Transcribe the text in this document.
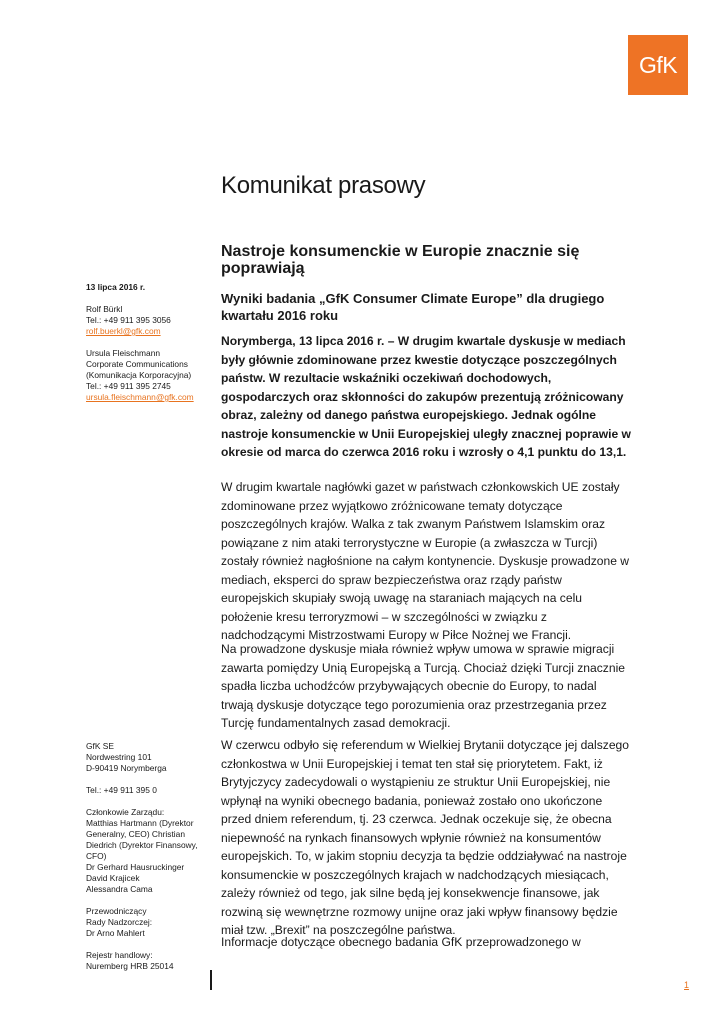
GfK
Komunikat prasowy
13 lipca 2016 r.
Rolf Bürkl
Tel.: +49 911 395 3056
rolf.buerkl@gfk.com
Ursula Fleischmann
Corporate Communications
(Komunikacja Korporacyjna)
Tel.: +49 911 395 2745
ursula.fleischmann@gfk.com
GfK SE
Nordwestring 101
D-90419 Norymberga
Tel.: +49 911 395 0
Członkowie Zarządu:
Matthias Hartmann (Dyrektor Generalny, CEO) Christian Diedrich (Dyrektor Finansowy, CFO)
Dr Gerhard Hausruckinger
David Krajicek
Alessandra Cama
Przewodniczący
Rady Nadzorczej:
Dr Arno Mahlert
Rejestr handlowy:
Nuremberg HRB 25014
Nastroje konsumenckie w Europie znacznie się poprawiają
Wyniki badania „GfK Consumer Climate Europe” dla drugiego kwartału 2016 roku

Norymberga, 13 lipca 2016 r. – W drugim kwartale dyskusje w mediach były głównie zdominowane przez kwestie dotyczące poszczególnych państw. W rezultacie wskaźniki oczekiwań dochodowych, gospodarczych oraz skłonności do zakupów prezentują zróżnicowany obraz, zależny od danego państwa europejskiego. Jednak ogólne nastroje konsumenckie w Unii Europejskiej uległy znacznej poprawie w okresie od marca do czerwca 2016 roku i wzrosły o 4,1 punktu do 13,1.

W drugim kwartale nagłówki gazet w państwach członkowskich UE zostały zdominowane przez wyjątkowo zróżnicowane tematy dotyczące poszczególnych krajów. Walka z tak zwanym Państwem Islamskim oraz powiązane z nim ataki terrorystyczne w Europie (a zwłaszcza w Turcji) zostały również nagłośnione na całym kontynencie. Dyskusje prowadzone w mediach, eksperci do spraw bezpieczeństwa oraz rządy państw europejskich skupiały swoją uwagę na staraniach mających na celu położenie kresu terroryzmowi – w szczególności w związku z nadchodzącymi Mistrzostwami Europy w Piłce Nożnej we Francji.

Na prowadzone dyskusje miała również wpływ umowa w sprawie migracji zawarta pomiędzy Unią Europejską a Turcją. Chociaż dzięki Turcji znacznie spadła liczba uchodźców przybywających obecnie do Europy, to nadal trwają dyskusje dotyczące tego porozumienia oraz przestrzegania przez Turcję fundamentalnych zasad demokracji.

W czerwcu odbyło się referendum w Wielkiej Brytanii dotyczące jej dalszego członkostwa w Unii Europejskiej i temat ten stał się priorytetem. Fakt, iż Brytyjczycy zadecydowali o wystąpieniu ze struktur Unii Europejskiej, nie wpłynął na wyniki obecnego badania, ponieważ zostało ono ukończone przed dniem referendum, tj. 23 czerwca. Jednak oczekuje się, że obecna niepewność na rynkach finansowych wpłynie również na konsumentów europejskich. To, w jakim stopniu decyzja ta będzie oddziaływać na nastroje konsumenckie w poszczególnych krajach w nadchodzących miesiącach, zależy również od tego, jak silne będą jej konsekwencje finansowe, jak rozwiną się wewnętrzne rozmowy unijne oraz jaki wpływ finansowy będzie miał tzw. „Brexit” na poszczególne państwa.

Informacje dotyczące obecnego badania GfK przeprowadzonego w

1
